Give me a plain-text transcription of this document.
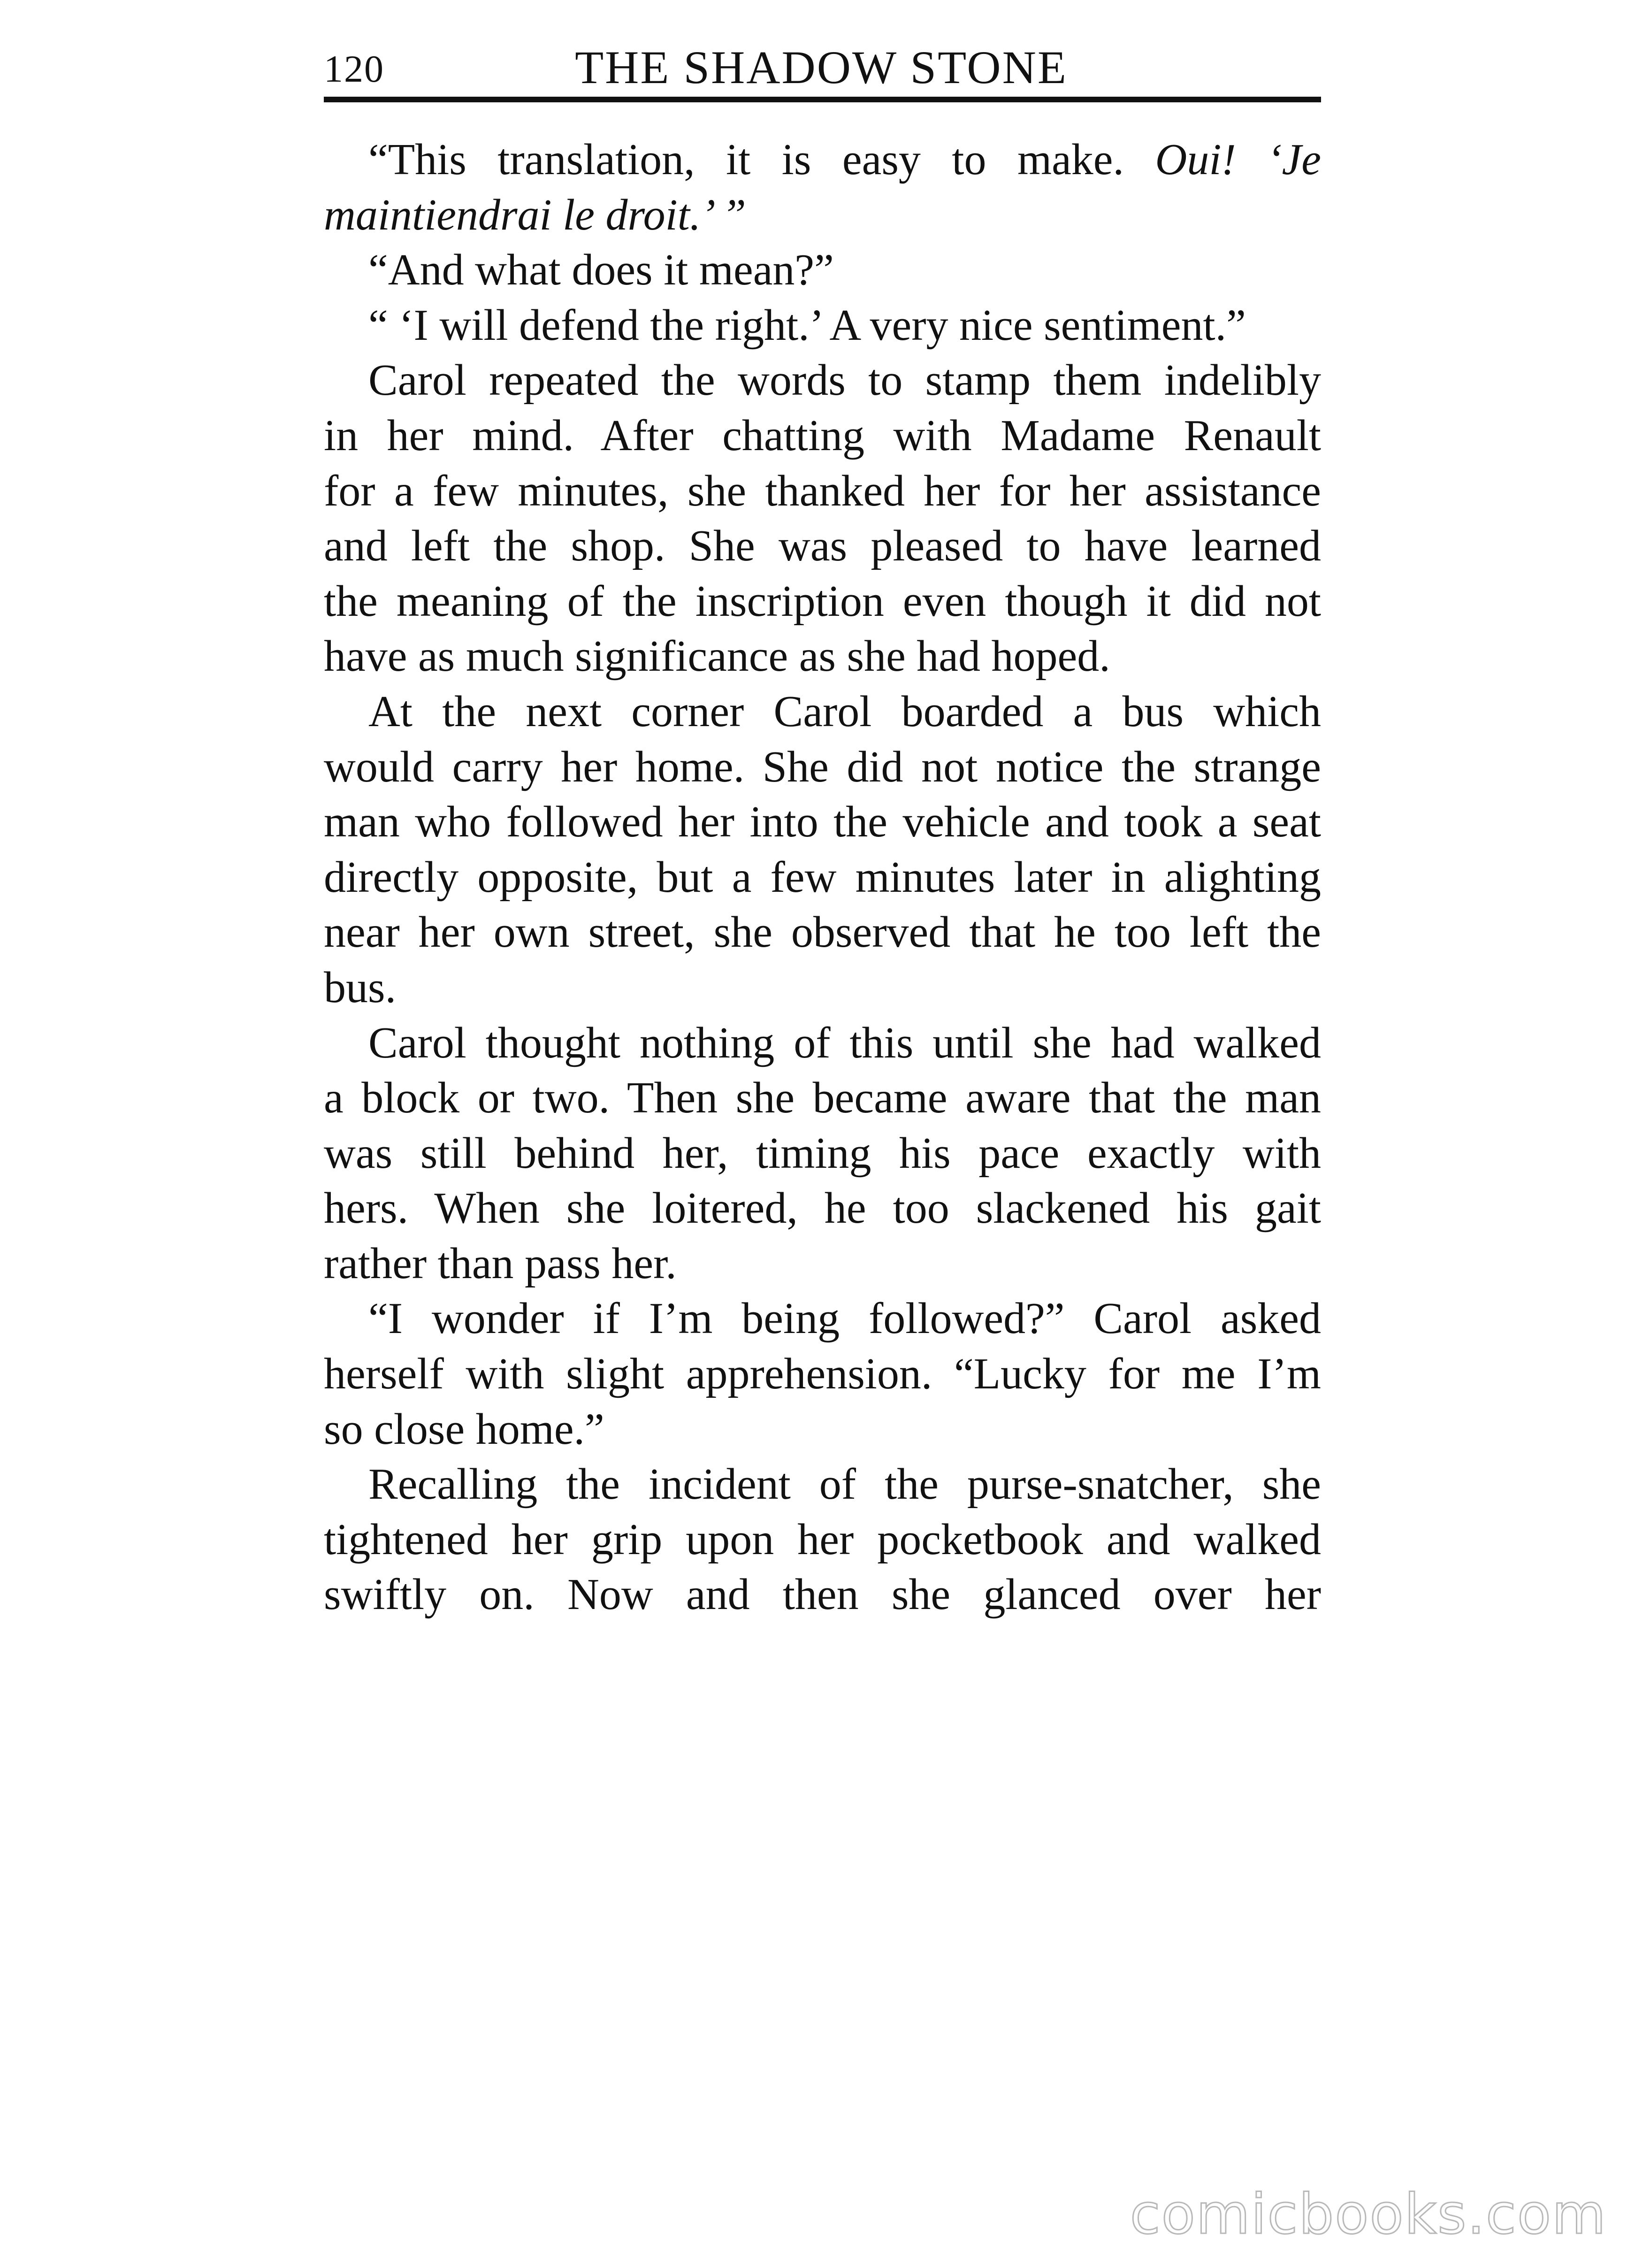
120	THE SHADOW STONE
“This translation, it is easy to make. Oui! ‘Je
maintiendrai le droit.’ ”
“And what does it mean?”
“ ‘I will defend the right.’ A very nice sentiment.”
Carol repeated the words to stamp them indelibly
in her mind. After chatting with Madame Renault
for a few minutes, she thanked her for her assistance
and left the shop. She was pleased to have learned
the meaning of the inscription even though it did not
have as much significance as she had hoped.
At the next corner Carol boarded a bus which
would carry her home. She did not notice the strange
man who followed her into the vehicle and took a seat
directly opposite, but a few minutes later in alighting
near her own street, she observed that he too left the
bus.
Carol thought nothing of this until she had walked
a block or two. Then she became aware that the man
was still behind her, timing his pace exactly with
hers. When she loitered, he too slackened his gait
rather than pass her.
“I wonder if I’m being followed?” Carol asked
herself with slight apprehension. “Lucky for me I’m
so close home.”
Recalling the incident of the purse-snatcher, she
tightened her grip upon her pocketbook and walked
swiftly on. Now and then she glanced over her
comicbooks.com
